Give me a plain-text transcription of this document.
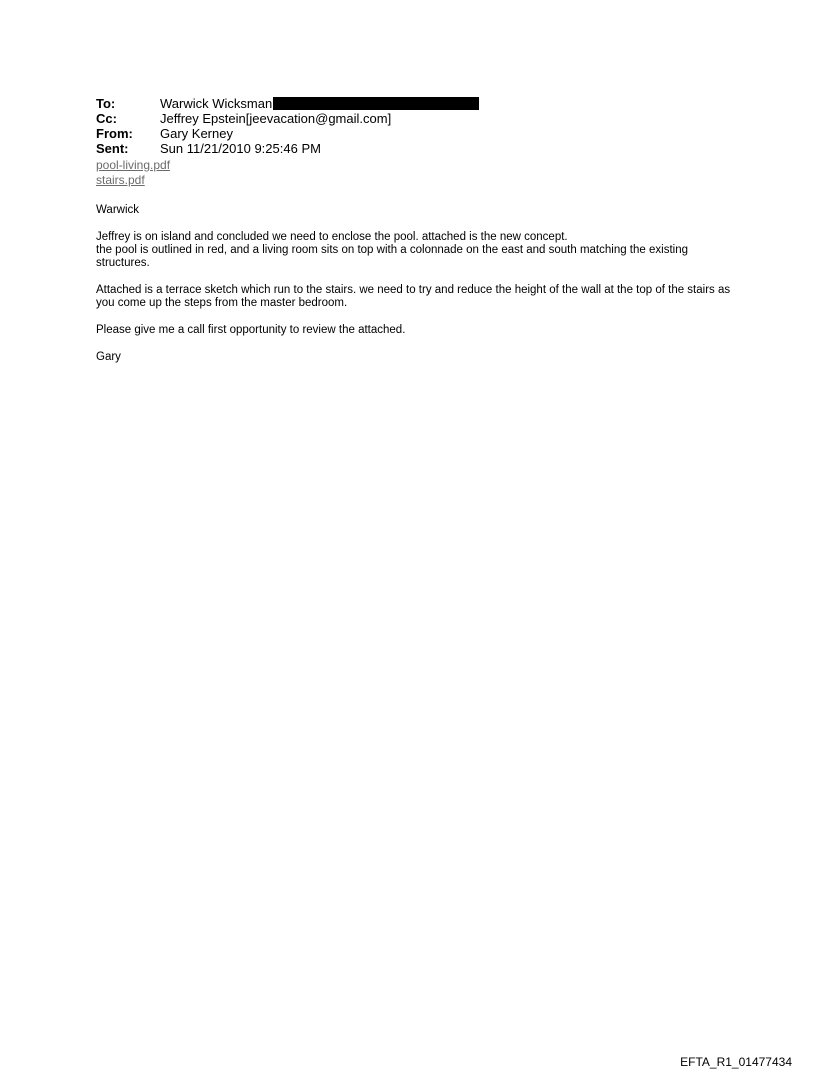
To:	Warwick Wicksman
Cc:	Jeffrey Epstein[jeevacation@gmail.com]
From:	Gary Kerney
Sent:	Sun 11/21/2010 9:25:46 PM
pool-living.pdf
stairs.pdf

Warwick

Jeffrey is on island and concluded we need to enclose the pool. attached is the new concept.
the pool is outlined in red, and a living room sits on top with a colonnade on the east and south matching the existing structures.

Attached is a terrace sketch which run to the stairs. we need to try and reduce the height of the wall at the top of the stairs as you come up the steps from the master bedroom.

Please give me a call first opportunity to review the attached.

Gary

EFTA_R1_01477434
